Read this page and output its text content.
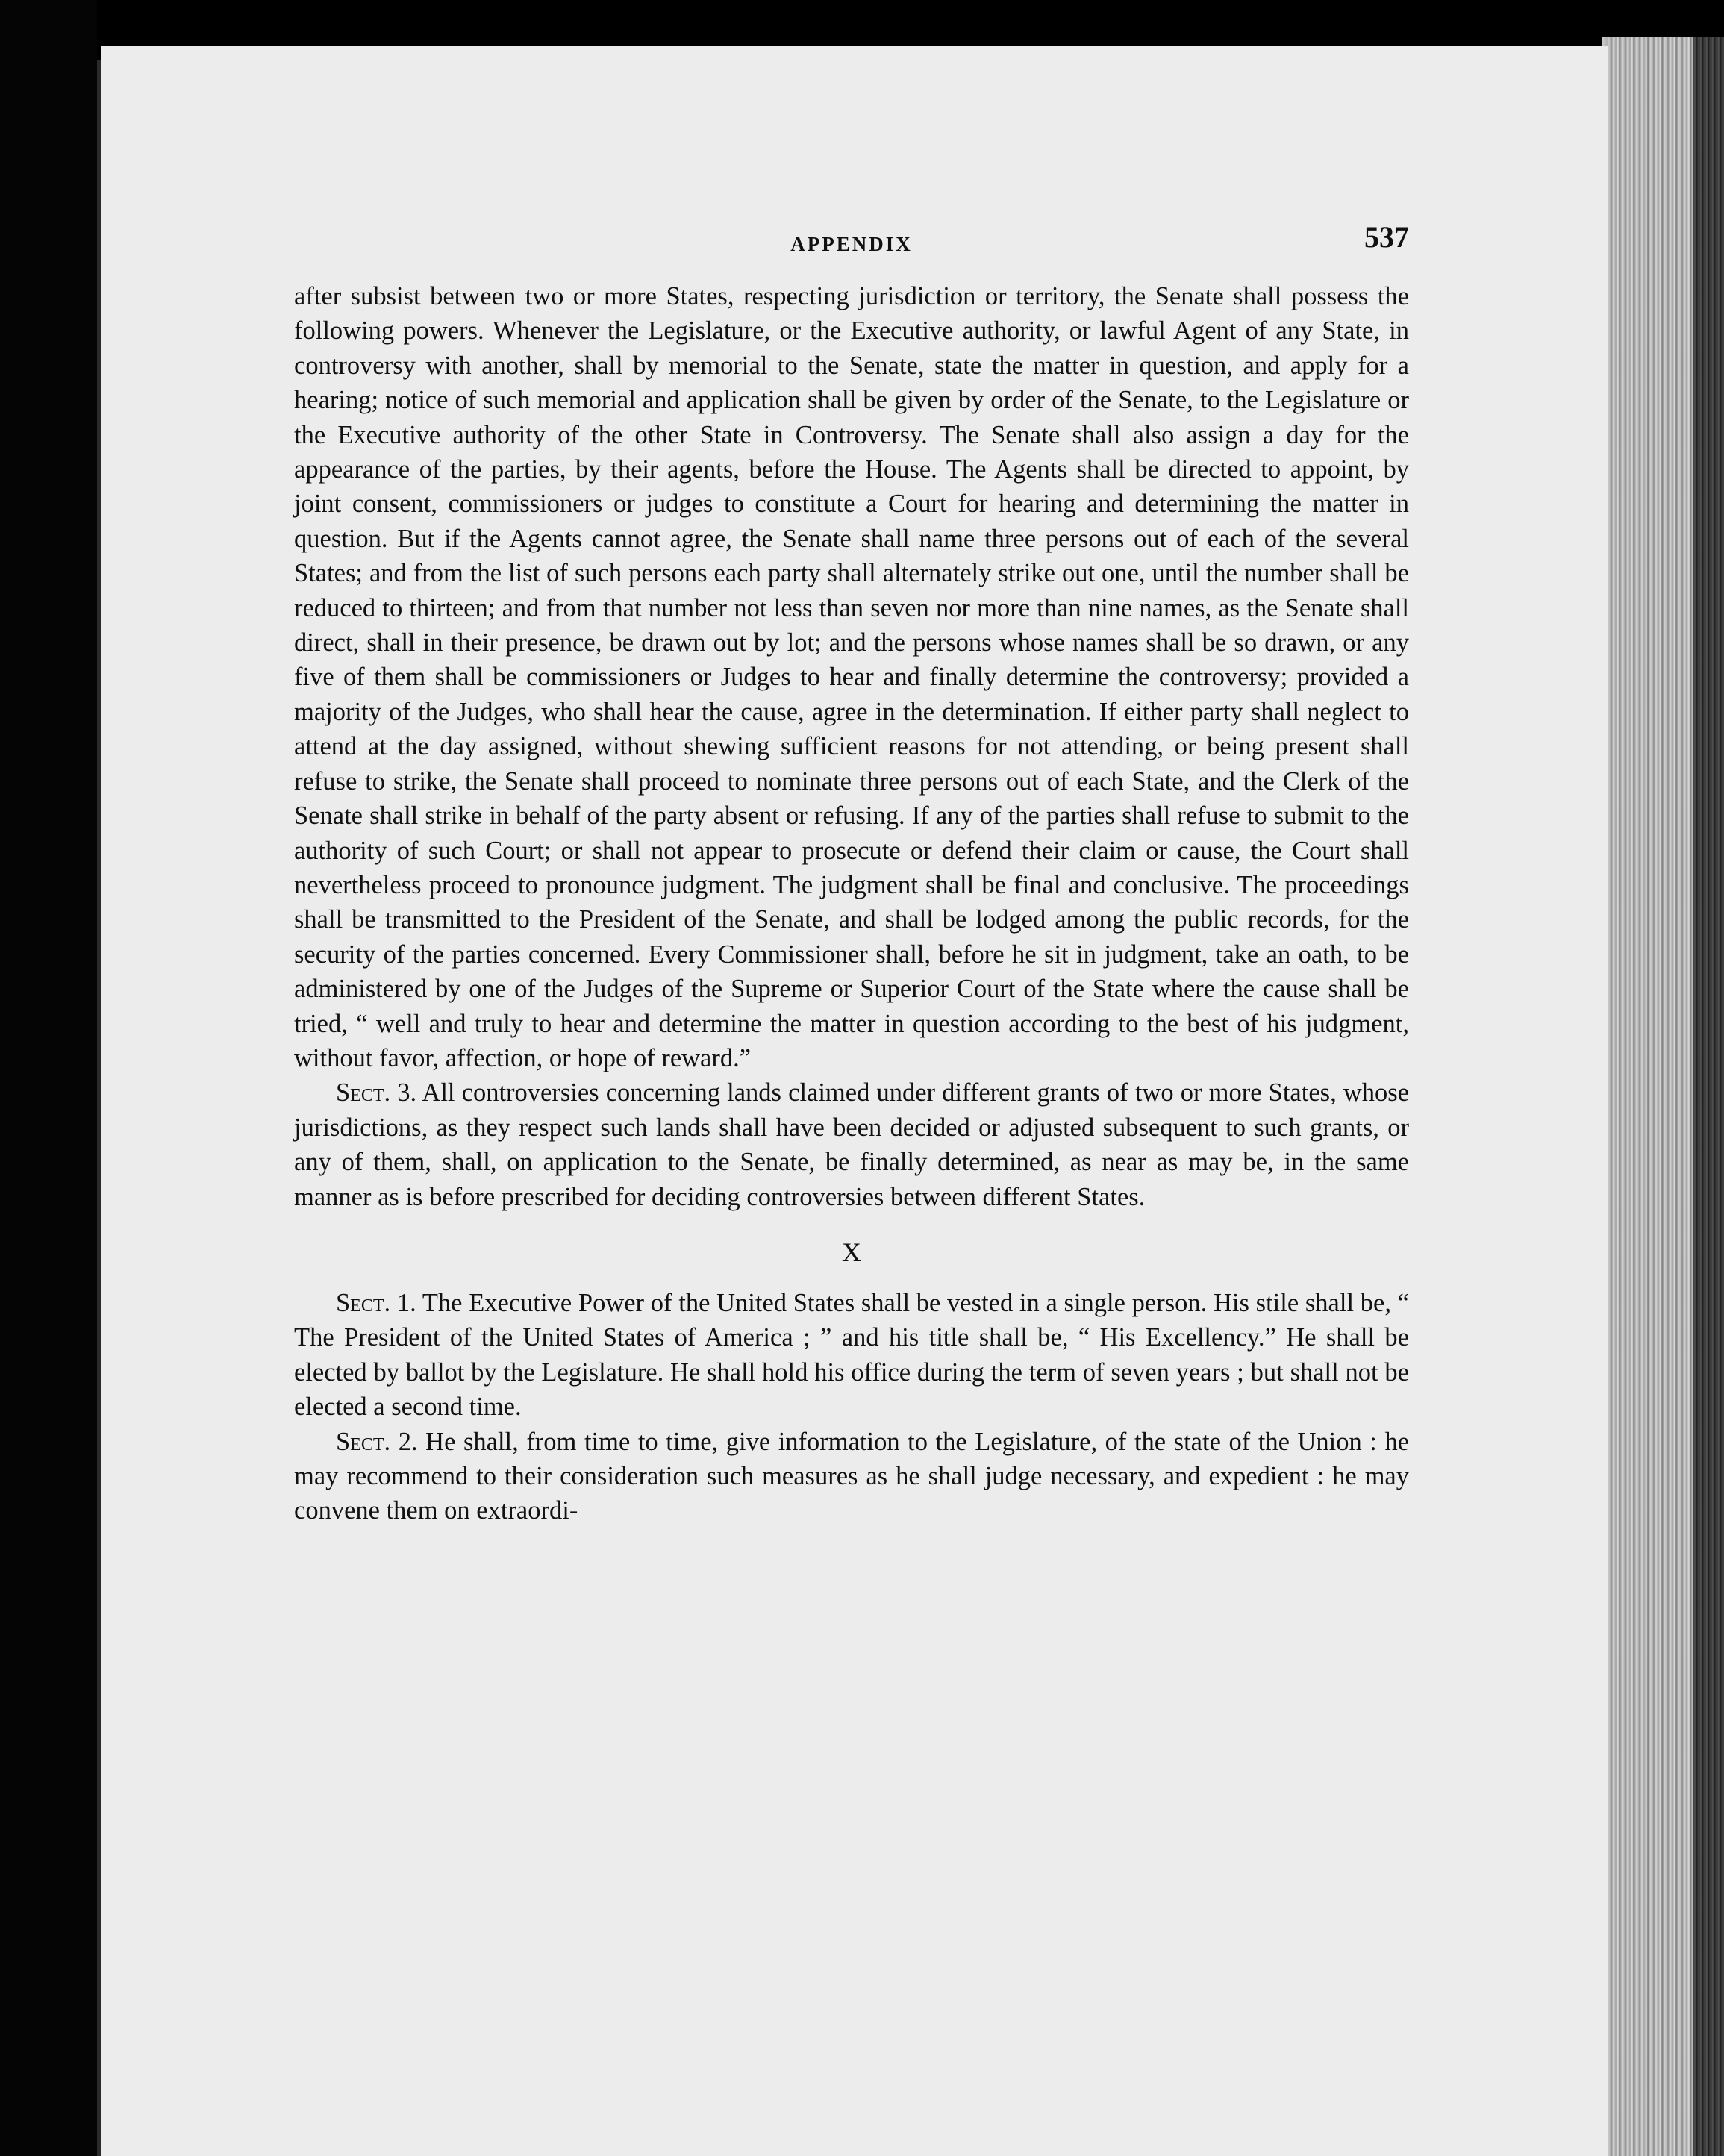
APPENDIX	537

after subsist between two or more States, respecting jurisdiction or territory, the Senate shall possess the following powers. Whenever the Legislature, or the Executive authority, or lawful Agent of any State, in controversy with another, shall by memorial to the Senate, state the matter in question, and apply for a hearing; notice of such memorial and application shall be given by order of the Senate, to the Legislature or the Executive authority of the other State in Controversy. The Senate shall also assign a day for the appearance of the parties, by their agents, before the House. The Agents shall be directed to appoint, by joint consent, commissioners or judges to constitute a Court for hearing and determining the matter in question. But if the Agents cannot agree, the Senate shall name three persons out of each of the several States; and from the list of such persons each party shall alternately strike out one, until the number shall be reduced to thirteen; and from that number not less than seven nor more than nine names, as the Senate shall direct, shall in their presence, be drawn out by lot; and the persons whose names shall be so drawn, or any five of them shall be commissioners or Judges to hear and finally determine the controversy; provided a majority of the Judges, who shall hear the cause, agree in the determination. If either party shall neglect to attend at the day assigned, without shewing sufficient reasons for not attending, or being present shall refuse to strike, the Senate shall proceed to nominate three persons out of each State, and the Clerk of the Senate shall strike in behalf of the party absent or refusing. If any of the parties shall refuse to submit to the authority of such Court; or shall not appear to prosecute or defend their claim or cause, the Court shall nevertheless proceed to pronounce judgment. The judgment shall be final and conclusive. The proceedings shall be transmitted to the President of the Senate, and shall be lodged among the public records, for the security of the parties concerned. Every Commissioner shall, before he sit in judgment, take an oath, to be administered by one of the Judges of the Supreme or Superior Court of the State where the cause shall be tried, “ well and truly to hear and determine the matter in question according to the best of his judgment, without favor, affection, or hope of reward.”

Sect. 3. All controversies concerning lands claimed under different grants of two or more States, whose jurisdictions, as they respect such lands shall have been decided or adjusted subsequent to such grants, or any of them, shall, on application to the Senate, be finally determined, as near as may be, in the same manner as is before prescribed for deciding controversies between different States.

X

Sect. 1. The Executive Power of the United States shall be vested in a single person. His stile shall be, “ The President of the United States of America ; ” and his title shall be, “ His Excellency.” He shall be elected by ballot by the Legislature. He shall hold his office during the term of seven years ; but shall not be elected a second time.

Sect. 2. He shall, from time to time, give information to the Legislature, of the state of the Union : he may recommend to their consideration such measures as he shall judge necessary, and expedient : he may convene them on extraordi-
